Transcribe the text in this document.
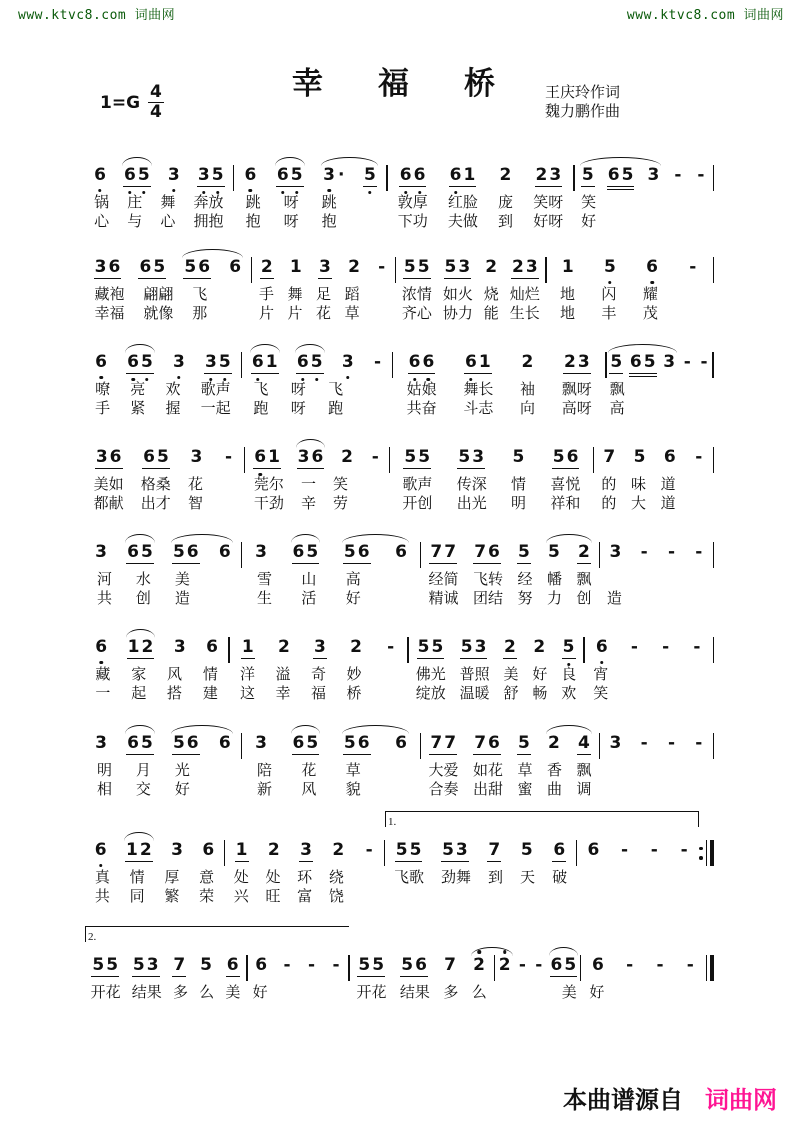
www.ktvc8.com 词曲网	www.ktvc8.com 词曲网
$1=G \frac{4}{4}$
幸福桥
王庆玲作词
魏力鹏作曲
6 6 5 3 3 5
锅 庄 舞 奔放
心 与 心 拥抱
6 6 5 3 · 5
跳 呀 跳

抱 呀 抱

6 6 6 1 2 2 3
敦厚 红脸 庞 笑呀
下功 夫做 到 好呀
5 6 5 3 - -
笑

好

3 6 6 5 5 6 6
藏袍 翩翩 飞

幸福 就像 那

2 1 3 2 -
手 舞 足 蹈

片 片 花 草

5 5 5 3 2 2 3
浓情 如火 烧 灿烂
齐心 协力 能 生长
1 5 6 -
地 闪 耀

地 丰 茂

6 6 5 3 3 5
嘹 亮 欢 歌声
手 紧 握 一起
6 1 6 5 3 -
飞 呀 飞

跑 呀 跑

6 6 6 1 2 2 3
姑娘 舞长 袖 飘呀
共奋 斗志 向 高呀
5 6 5 3 - -
飘

高

3 6 6 5 3 -
美如 格桑 花

都献 出才 智

6 1 3 6 2 -
莞尔 一 笑

干劲 辛 劳

5 5 5 3 5 5 6
歌声 传深 情 喜悦
开创 出光 明 祥和
7 5 6 -
的 味 道

的 大 道

3 6 5 5 6 6
河 水 美

共 创 造

3 6 5 5 6 6
雪 山 高

生 活 好

7 7 7 6 5 5 2
经简 飞转 经 幡 飘
精诚 团结 努 力 创
3 - - -
造

6 1 2 3 6
藏 家 风 情
一 起 搭 建
1 2 3 2 -
洋 溢 奇 妙

这 幸 福 桥

5 5 5 3 2 2 5
佛光 普照 美 好 良
绽放 温暖 舒 畅 欢
6 - - -
宵

笑

3 6 5 5 6 6
明 月 光

相 交 好

3 6 5 5 6 6
陪 花 草

新 风 貌

7 7 7 6 5 2 4
大爱 如花 草 香 飘
合奏 出甜 蜜 曲 调
3 - - -
6 1 2 3 6
真 情 厚 意
共 同 繁 荣
1 2 3 2 -
处 处 环 绕

兴 旺 富 饶

5 5 5 3 7 5 6
飞歌 劲舞 到 天 破
6 - - -
1.
5 5 5 3 7 5 6
开花 结果 多 么 美
6 - - -
好

5 5 5 6 7 2
开花 结果 多 么
2 - - 6 5

美
6 - - -
好

2.
本曲谱源自 词曲网
